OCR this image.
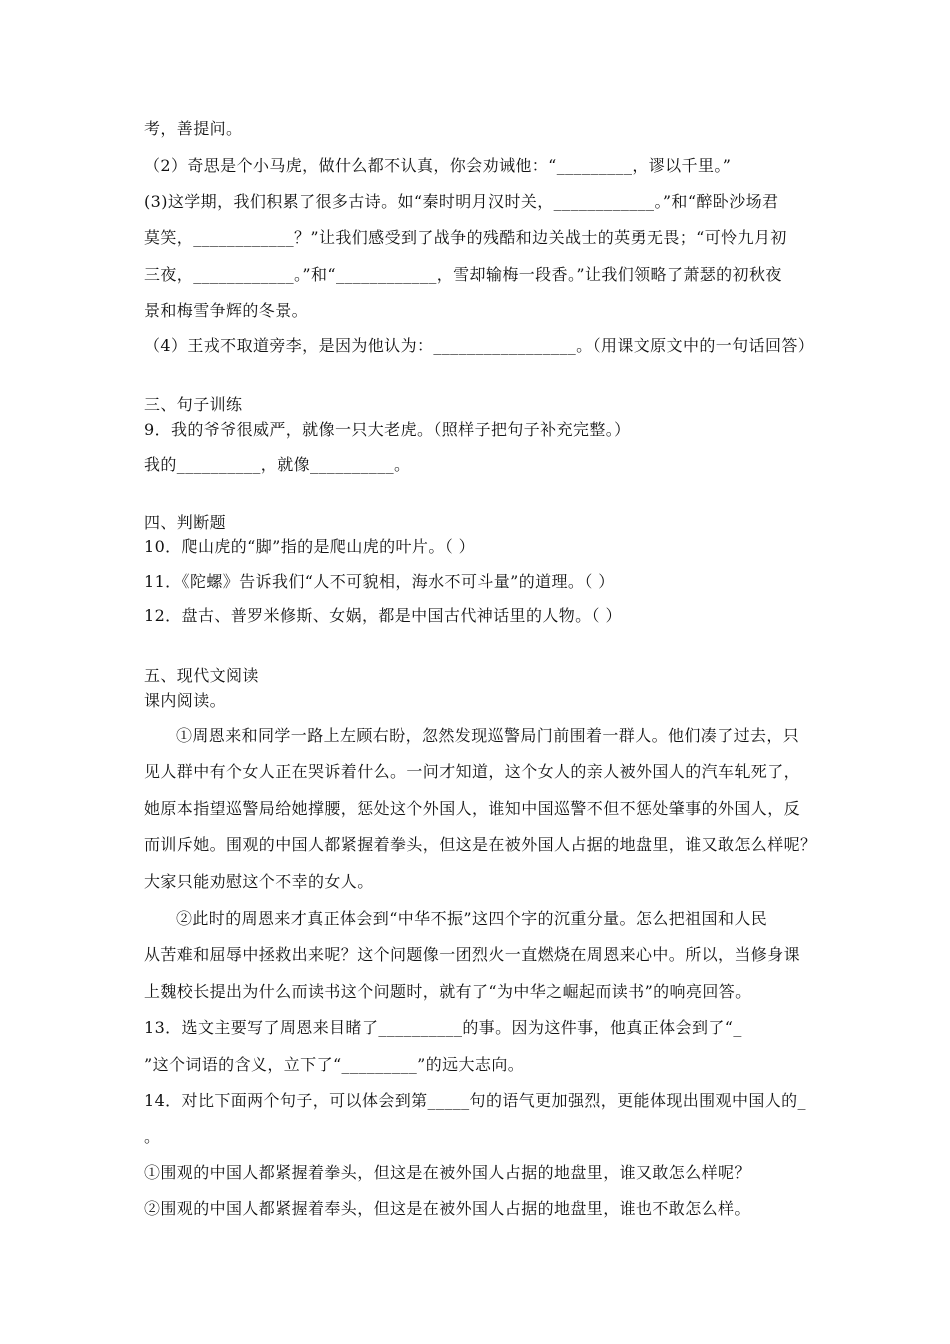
考，善提问。

（2）奇思是个小马虎，做什么都不认真，你会劝诫他：“_________，谬以千里。”

(3)这学期，我们积累了很多古诗。如“秦时明月汉时关，____________。”和“醉卧沙场君

莫笑，____________？”让我们感受到了战争的残酷和边关战士的英勇无畏；“可怜九月初

三夜，____________。”和“____________，雪却输梅一段香。”让我们领略了萧瑟的初秋夜

景和梅雪争辉的冬景。

（4）王戎不取道旁李，是因为他认为：_________________。（用课文原文中的一句话回答）

三、句子训练

9．我的爷爷很威严，就像一只大老虎。（照样子把句子补充完整。）

我的__________，就像__________。

四、判断题

10．爬山虎的“脚”指的是爬山虎的叶片。（ ）

11．《陀螺》告诉我们“人不可貌相，海水不可斗量”的道理。（ ）

12．盘古、普罗米修斯、女娲，都是中国古代神话里的人物。（ ）

五、现代文阅读

课内阅读。

①周恩来和同学一路上左顾右盼，忽然发现巡警局门前围着一群人。他们凑了过去，只

见人群中有个女人正在哭诉着什么。一问才知道，这个女人的亲人被外国人的汽车轧死了，

她原本指望巡警局给她撑腰，惩处这个外国人，谁知中国巡警不但不惩处肇事的外国人，反

而训斥她。围观的中国人都紧握着拳头，但这是在被外国人占据的地盘里，谁又敢怎么样呢？

大家只能劝慰这个不幸的女人。

②此时的周恩来才真正体会到“中华不振”这四个字的沉重分量。怎么把祖国和人民

从苦难和屈辱中拯救出来呢？这个问题像一团烈火一直燃烧在周恩来心中。所以，当修身课

上魏校长提出为什么而读书这个问题时，就有了“为中华之崛起而读书”的响亮回答。

13．选文主要写了周恩来目睹了__________的事。因为这件事，他真正体会到了“_

”这个词语的含义，立下了“_________”的远大志向。

14．对比下面两个句子，可以体会到第_____句的语气更加强烈，更能体现出围观中国人的_

。

①围观的中国人都紧握着拳头，但这是在被外国人占据的地盘里，谁又敢怎么样呢？

②围观的中国人都紧握着奉头，但这是在被外国人占据的地盘里，谁也不敢怎么样。
